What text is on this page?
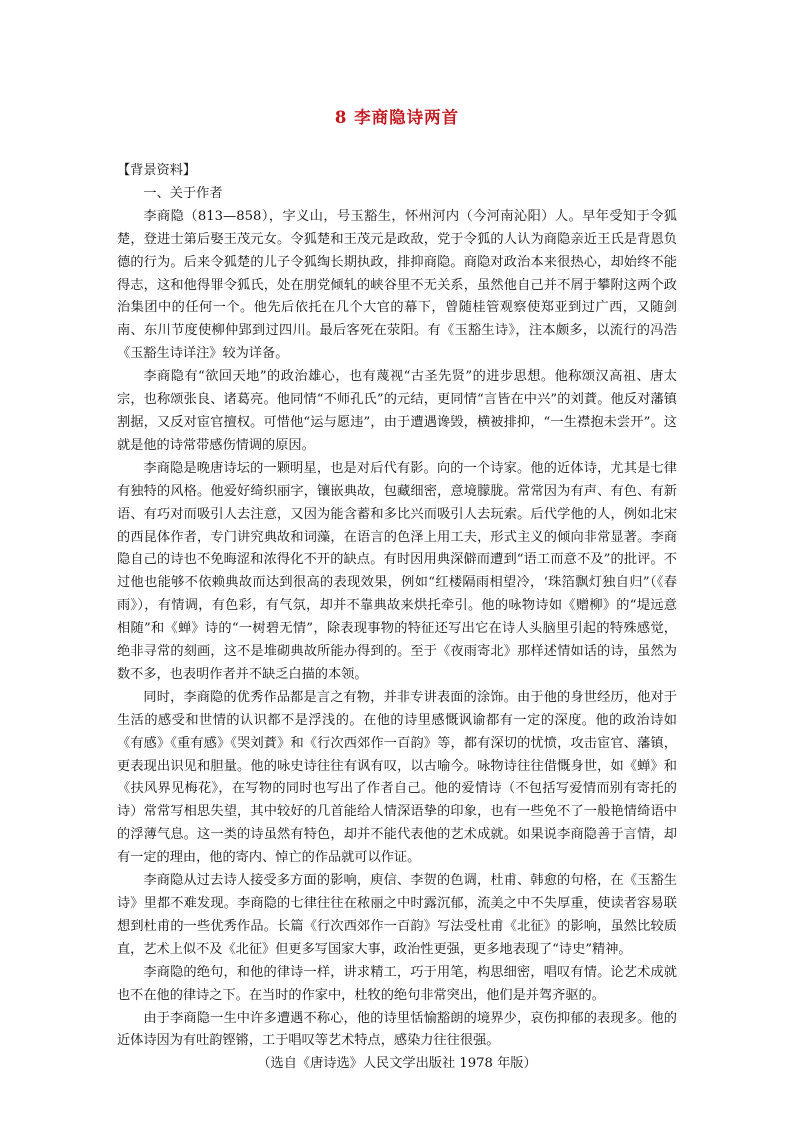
8 李商隐诗两首

【背景资料】

一、关于作者

李商隐（813—858），字义山，号玉豁生，怀州河内（今河南沁阳）人。早年受知于令狐楚，登进士第后娶王茂元女。令狐楚和王茂元是政敌，党于令狐的人认为商隐亲近王氏是背恩负德的行为。后来令狐楚的儿子令狐绹长期执政，排抑商隐。商隐对政治本来很热心，却始终不能得志，这和他得罪令狐氏，处在朋党倾轧的峡谷里不无关系，虽然他自己并不屑于攀附这两个政治集团中的任何一个。他先后依托在几个大官的幕下，曾随桂管观察使郑亚到过广西，又随剑南、东川节度使柳仲郢到过四川。最后客死在荥阳。有《玉豁生诗》，注本颇多，以流行的冯浩《玉豁生诗详注》较为详备。

李商隐有“欲回天地”的政治雄心，也有蔑视“古圣先贤”的进步思想。他称颂汉高祖、唐太宗，也称颂张良、诸葛亮。他同情“不师孔氏”的元结，更同情“言皆在中兴”的刘蕡。他反对藩镇割据，又反对宦官擅权。可惜他“运与愿违”，由于遭遇谗毁，横被排抑，“一生襟抱未尝开”。这就是他的诗常带感伤情调的原因。

李商隐是晚唐诗坛的一颗明星，也是对后代有影。向的一个诗家。他的近体诗，尤其是七律有独特的风格。他爱好绮织丽字，镶嵌典故，包藏细密，意境朦胧。常常因为有声、有色、有新语、有巧对而吸引人去注意，又因为能含蓄和多比兴而吸引人去玩索。后代学他的人，例如北宋的西昆体作者，专门讲究典故和词藻，在语言的色泽上用工夫，形式主义的倾向非常显著。李商隐自己的诗也不免晦涩和浓得化不开的缺点。有时因用典深僻而遭到“语工而意不及”的批评。不过他也能够不依赖典故而达到很高的表现效果，例如“红楼隔雨相望冷，‘珠箔飘灯独自归”（《春雨》），有情调，有色彩，有气氛，却并不靠典故来烘托牵引。他的咏物诗如《赠柳》的“堤远意相随”和《蝉》诗的“一树碧无情”，除表现事物的特征还写出它在诗人头脑里引起的特殊感觉，绝非寻常的刻画，这不是堆砌典故所能办得到的。至于《夜雨寄北》那样述情如话的诗，虽然为数不多，也表明作者并不缺乏白描的本领。

同时，李商隐的优秀作品都是言之有物，并非专讲表面的涂饰。由于他的身世经历，他对于生活的感受和世情的认识都不是浮浅的。在他的诗里感慨讽谕都有一定的深度。他的政治诗如《有感》《重有感》《哭刘蕡》和《行次西郊作一百韵》等，都有深切的忧愤，攻击宦官、藩镇，更表现出识见和胆量。他的咏史诗往往有讽有叹，以古喻今。咏物诗往往借慨身世，如《蝉》和《扶风界见梅花》，在写物的同时也写出了作者自己。他的爱情诗（不包括写爱情而别有寄托的诗）常常写相思失望，其中较好的几首能给人情深语挚的印象，也有一些免不了一般艳情绮语中的浮薄气息。这一类的诗虽然有特色，却并不能代表他的艺术成就。如果说李商隐善于言情，却有一定的理由，他的寄内、悼亡的作品就可以作证。

李商隐从过去诗人接受多方面的影响，庾信、李贺的色调，杜甫、韩愈的句格，在《玉豁生诗》里都不难发现。李商隐的七律往往在秾丽之中时露沉郁，流美之中不失厚重，使读者容易联想到杜甫的一些优秀作品。长篇《行次西郊作一百韵》写法受杜甫《北征》的影响，虽然比较质直，艺术上似不及《北征》但更多写国家大事，政治性更强，更多地表现了“诗史”精神。

李商隐的绝句，和他的律诗一样，讲求精工，巧于用笔，构思细密，唱叹有情。论艺术成就也不在他的律诗之下。在当时的作家中，杜牧的绝句非常突出，他们是并驾齐驱的。

由于李商隐一生中许多遭遇不称心，他的诗里恬愉豁朗的境界少，哀伤抑郁的表现多。他的近体诗因为有吐韵铿锵，工于唱叹等艺术特点，感染力往往很强。

（选自《唐诗选》人民文学出版社 1978 年版）
